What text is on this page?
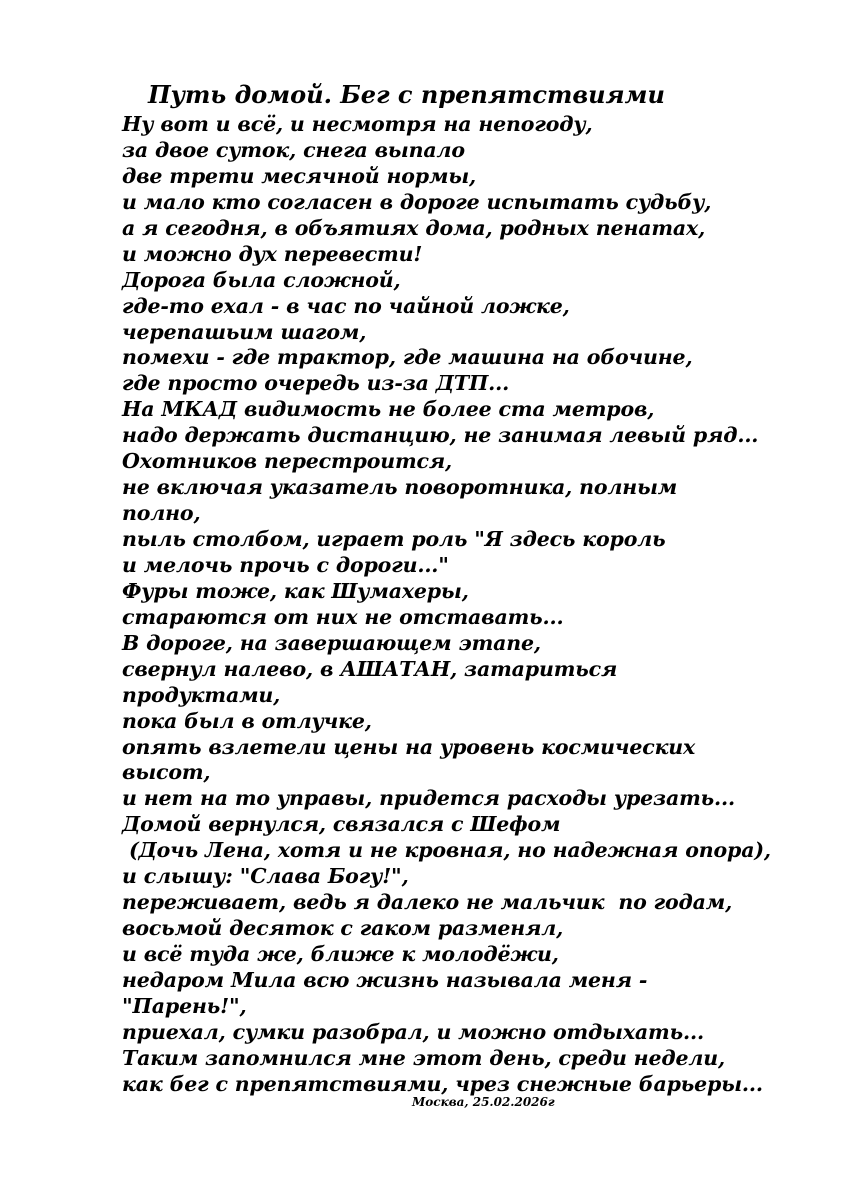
Путь домой. Бег с препятствиями
Ну вот и всё, и несмотря на непогоду,
за двое суток, снега выпало
две трети месячной нормы,
и мало кто согласен в дороге испытать судьбу,
а я сегодня, в объятиях дома, родных пенатах,
и можно дух перевести!
Дорога была сложной,
где-то ехал - в час по чайной ложке,
черепашьим шагом,
помехи - где трактор, где машина на обочине,
где просто очередь из-за ДТП...
На МКАД видимость не более ста метров,
надо держать дистанцию, не занимая левый ряд...
Охотников перестроится,
не включая указатель поворотника, полным
полно,
пыль столбом, играет роль "Я здесь король
и мелочь прочь с дороги..."
Фуры тоже, как Шумахеры,
стараются от них не отставать...
В дороге, на завершающем этапе,
свернул налево, в АШАТАН, затариться
продуктами,
пока был в отлучке,
опять взлетели цены на уровень космических
высот,
и нет на то управы, придется расходы урезать...
Домой вернулся, связался с Шефом
(Дочь Лена, хотя и не кровная, но надежная опора),
и слышу: "Слава Богу!",
переживает, ведь я далеко не мальчик  по годам,
восьмой десяток с гаком разменял,
и всё туда же, ближе к молодёжи,
недаром Мила всю жизнь называла меня -
"Парень!",
приехал, сумки разобрал, и можно отдыхать...
Таким запомнился мне этот день, среди недели,
как бег с препятствиями, чрез снежные барьеры...

Москва, 25.02.2026г
